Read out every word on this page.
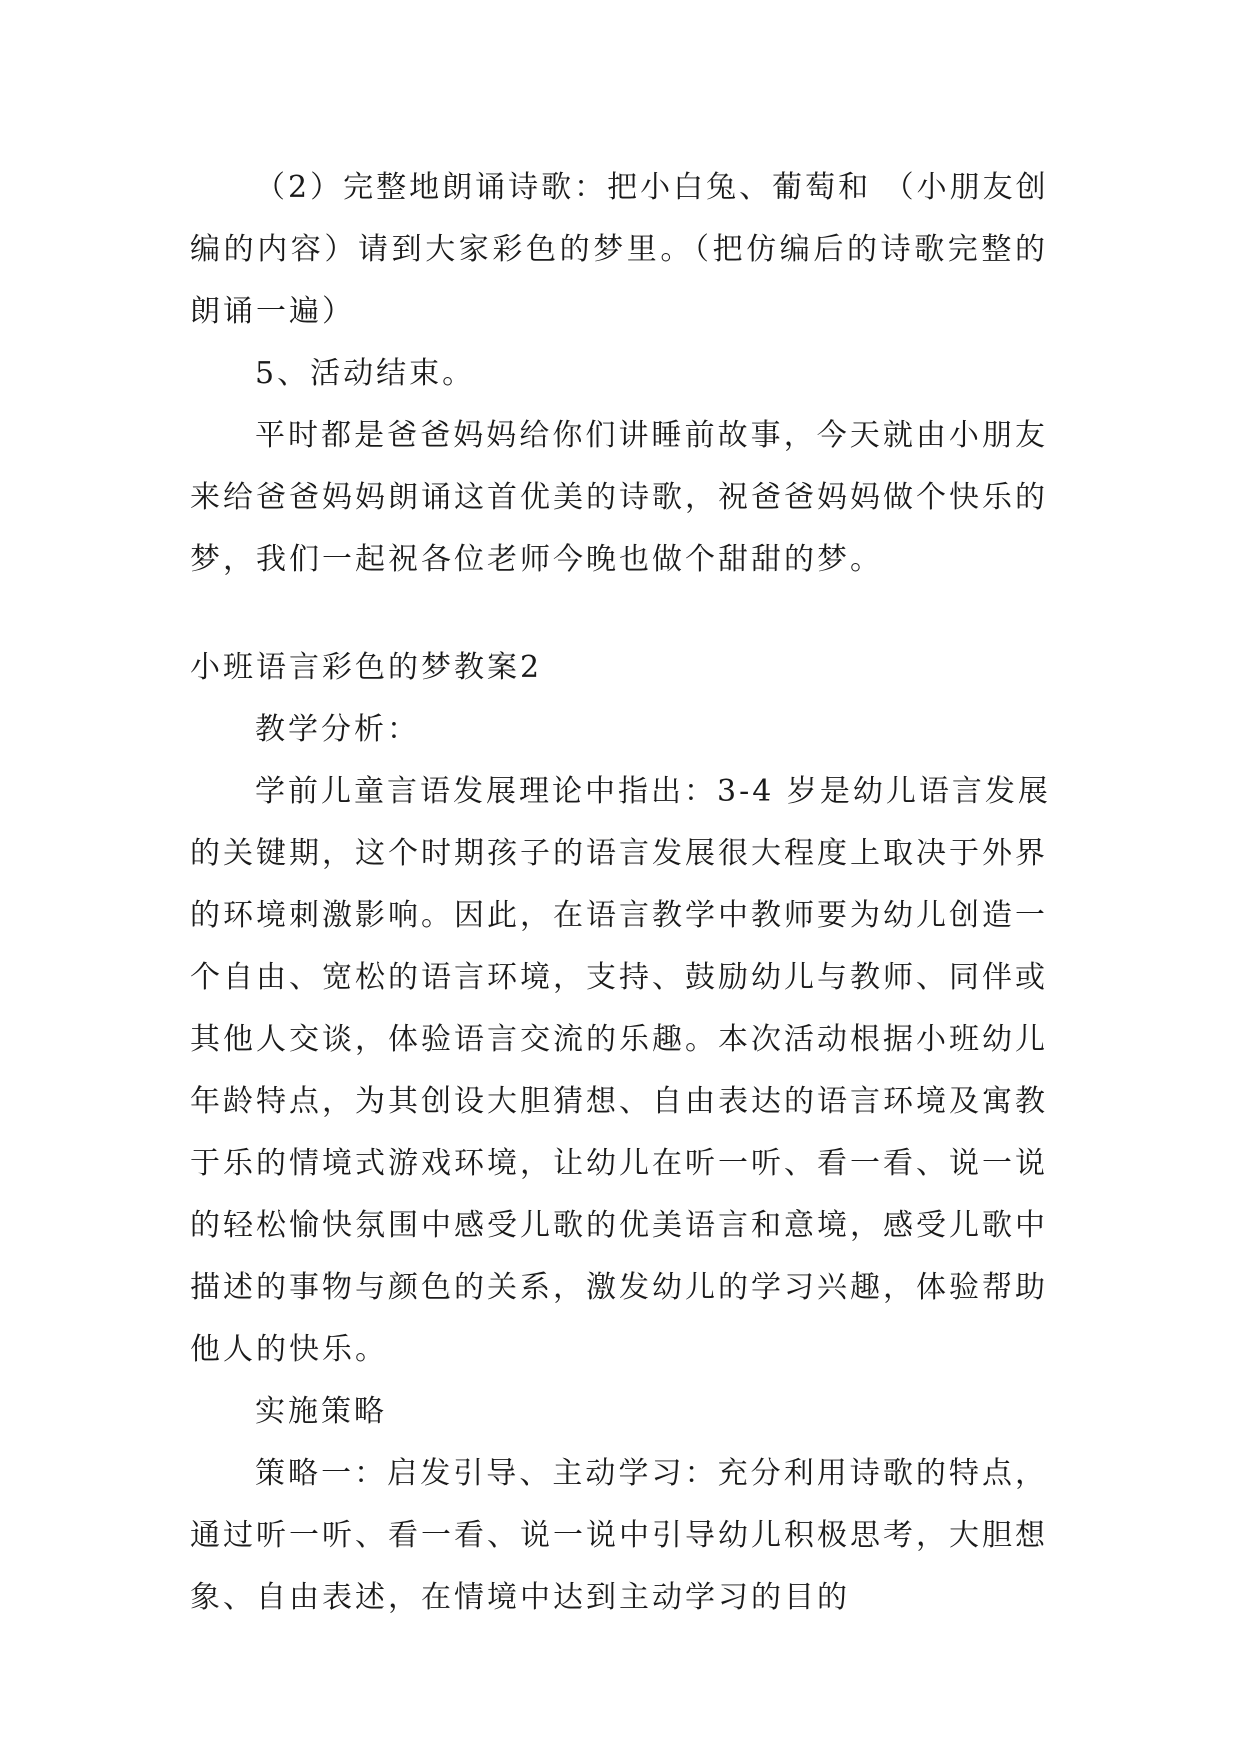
（2）完整地朗诵诗歌：把小白兔、葡萄和 （小朋友创
编的内容）请到大家彩色的梦里。（把仿编后的诗歌完整的
朗诵一遍）
5、活动结束。
平时都是爸爸妈妈给你们讲睡前故事，今天就由小朋友
来给爸爸妈妈朗诵这首优美的诗歌，祝爸爸妈妈做个快乐的
梦，我们一起祝各位老师今晚也做个甜甜的梦。
小班语言彩色的梦教案2
教学分析：
学前儿童言语发展理论中指出：3-4 岁是幼儿语言发展
的关键期，这个时期孩子的语言发展很大程度上取决于外界
的环境刺激影响。因此，在语言教学中教师要为幼儿创造一
个自由、宽松的语言环境，支持、鼓励幼儿与教师、同伴或
其他人交谈，体验语言交流的乐趣。本次活动根据小班幼儿
年龄特点，为其创设大胆猜想、自由表达的语言环境及寓教
于乐的情境式游戏环境，让幼儿在听一听、看一看、说一说
的轻松愉快氛围中感受儿歌的优美语言和意境，感受儿歌中
描述的事物与颜色的关系，激发幼儿的学习兴趣，体验帮助
他人的快乐。
实施策略
策略一：启发引导、主动学习：充分利用诗歌的特点，
通过听一听、看一看、说一说中引导幼儿积极思考，大胆想
象、自由表述，在情境中达到主动学习的目的
